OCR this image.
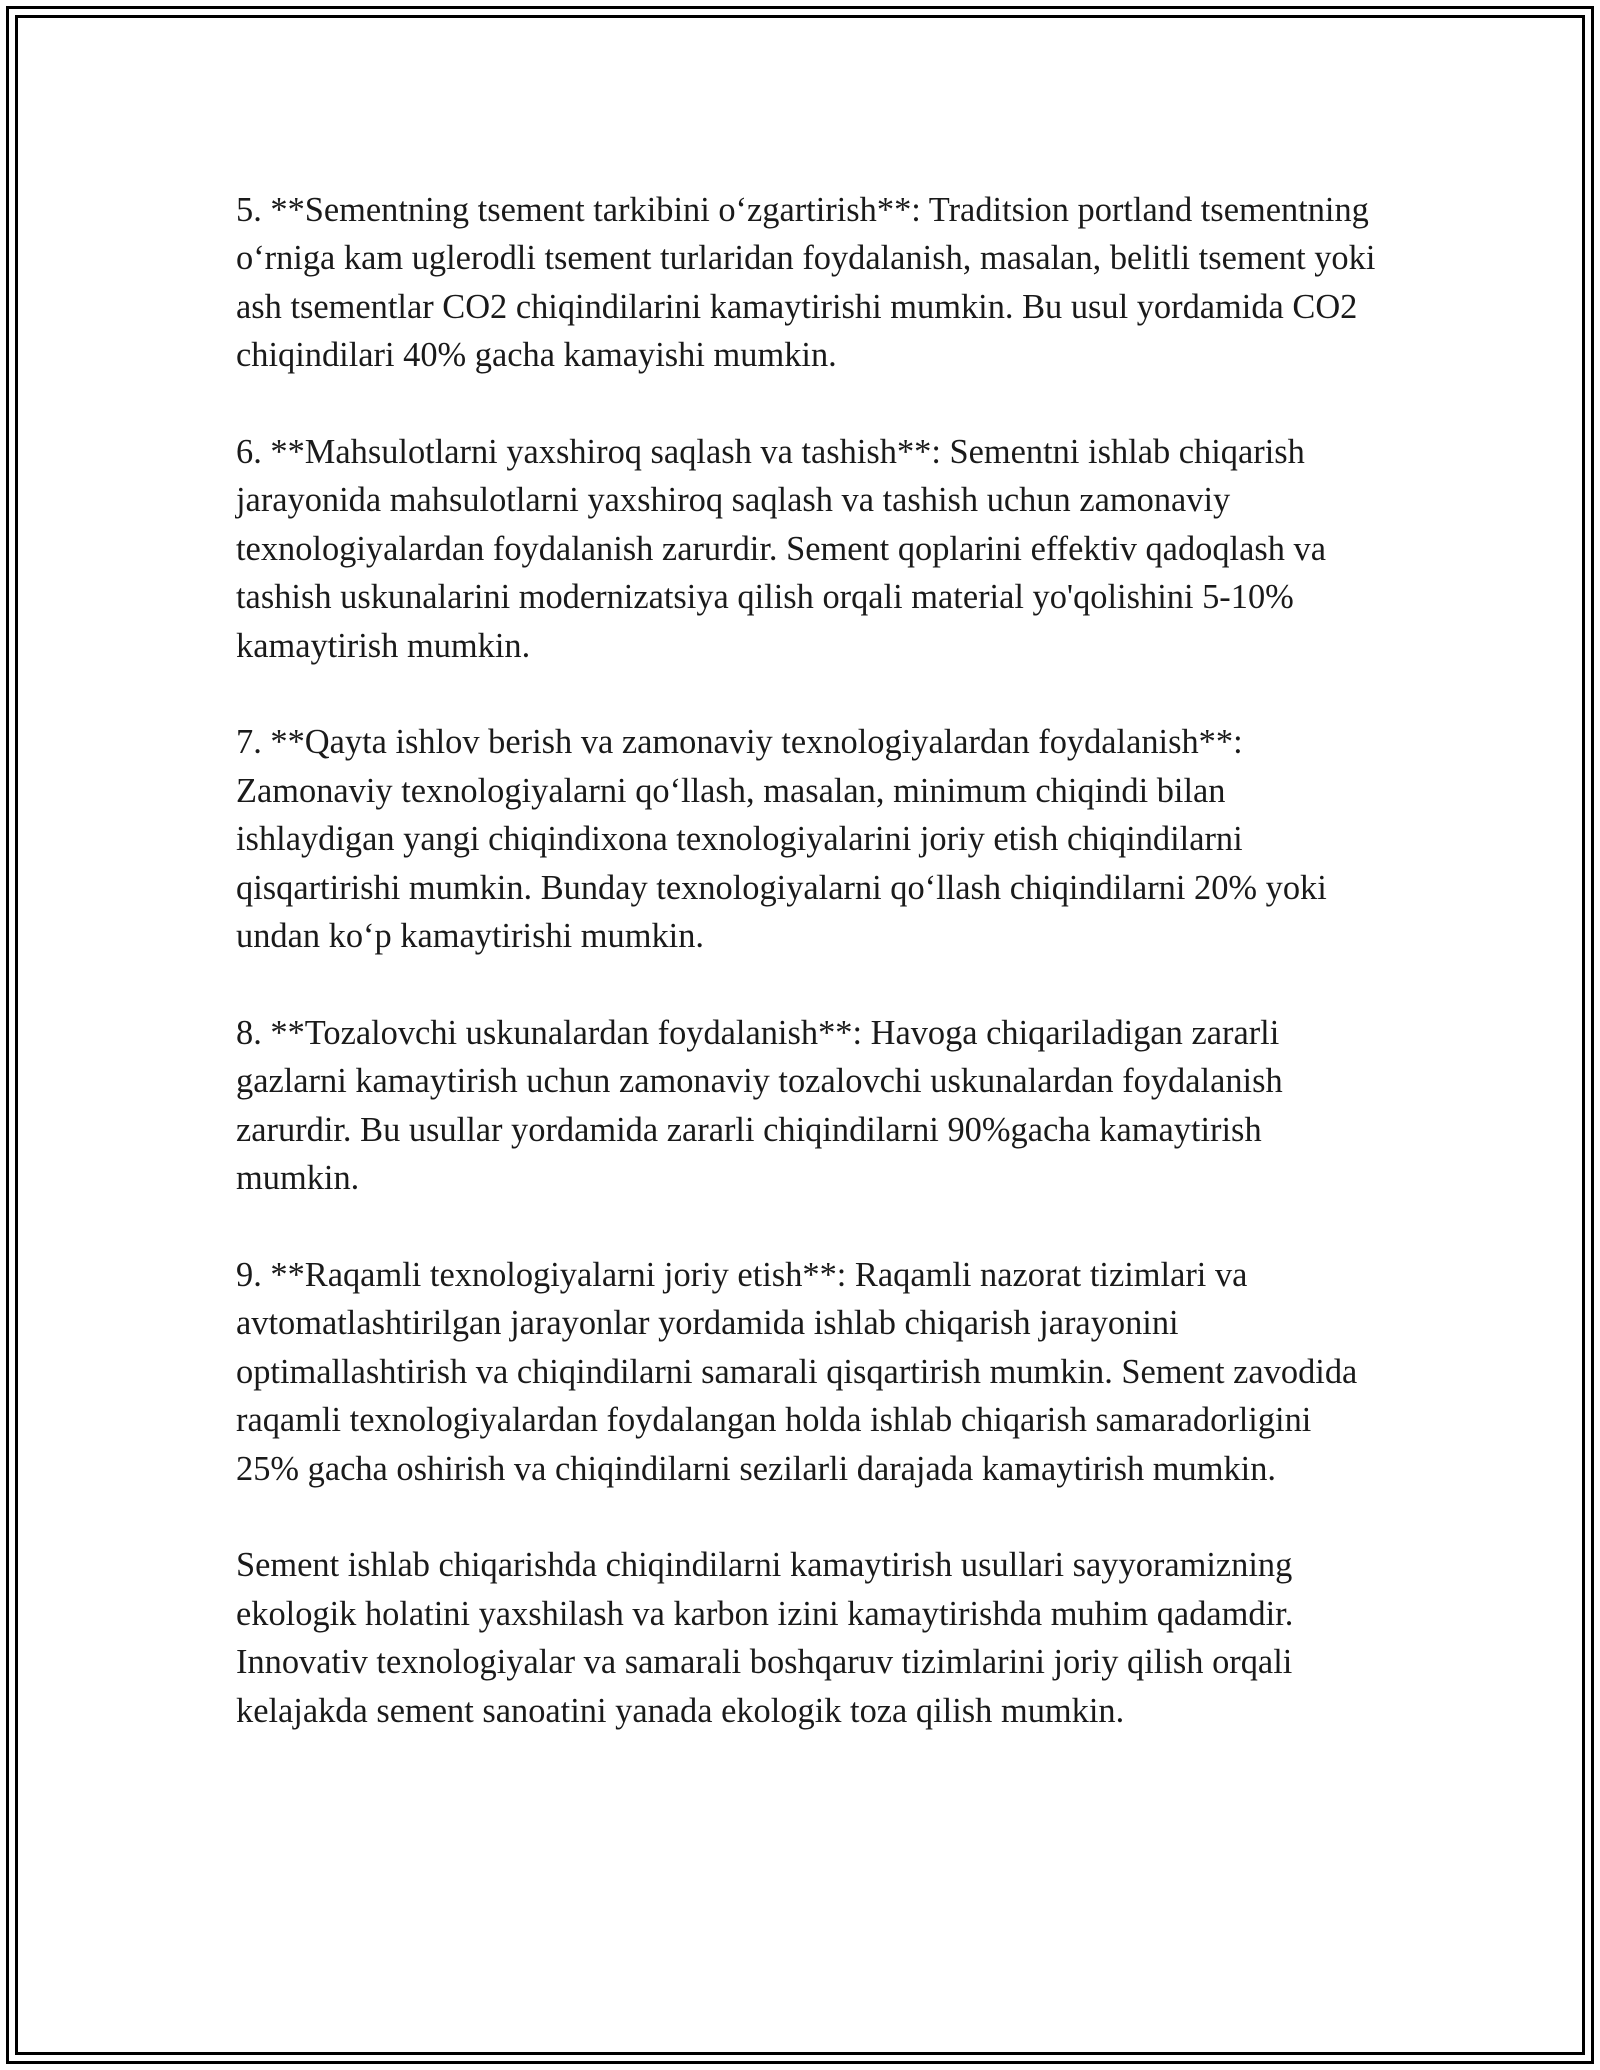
5. **Sementning tsement tarkibini o‘zgartirish**: Traditsion portland tsementning o‘rniga kam uglerodli tsement turlaridan foydalanish, masalan, belitli tsement yoki ash tsementlar CO2 chiqindilarini kamaytirishi mumkin. Bu usul yordamida CO2 chiqindilari 40% gacha kamayishi mumkin.

6. **Mahsulotlarni yaxshiroq saqlash va tashish**: Sementni ishlab chiqarish jarayonida mahsulotlarni yaxshiroq saqlash va tashish uchun zamonaviy texnologiyalardan foydalanish zarurdir. Sement qoplarini effektiv qadoqlash va tashish uskunalarini modernizatsiya qilish orqali material yo'qolishini 5-10% kamaytirish mumkin.

7. **Qayta ishlov berish va zamonaviy texnologiyalardan foydalanish**: Zamonaviy texnologiyalarni qo‘llash, masalan, minimum chiqindi bilan ishlaydigan yangi chiqindixona texnologiyalarini joriy etish chiqindilarni qisqartirishi mumkin. Bunday texnologiyalarni qo‘llash chiqindilarni 20% yoki undan ko‘p kamaytirishi mumkin.

8. **Tozalovchi uskunalardan foydalanish**: Havoga chiqariladigan zararli gazlarni kamaytirish uchun zamonaviy tozalovchi uskunalardan foydalanish zarurdir. Bu usullar yordamida zararli chiqindilarni 90%gacha kamaytirish mumkin.

9. **Raqamli texnologiyalarni joriy etish**: Raqamli nazorat tizimlari va avtomatlashtirilgan jarayonlar yordamida ishlab chiqarish jarayonini optimallashtirish va chiqindilarni samarali qisqartirish mumkin. Sement zavodida raqamli texnologiyalardan foydalangan holda ishlab chiqarish samaradorligini 25% gacha oshirish va chiqindilarni sezilarli darajada kamaytirish mumkin.

Sement ishlab chiqarishda chiqindilarni kamaytirish usullari sayyoramizning ekologik holatini yaxshilash va karbon izini kamaytirishda muhim qadamdir. Innovativ texnologiyalar va samarali boshqaruv tizimlarini joriy qilish orqali kelajakda sement sanoatini yanada ekologik toza qilish mumkin.
